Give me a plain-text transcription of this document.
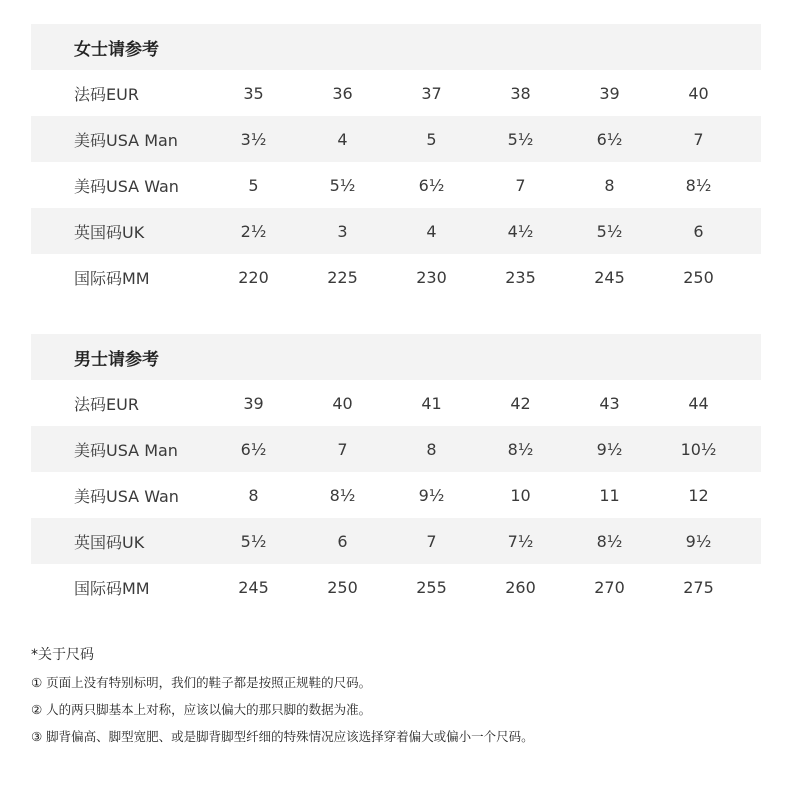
女士请参考
法码EUR	35	36	37	38	39	40
美码USA Man	3½	4	5	5½	6½	7
美码USA Wan	5	5½	6½	7	8	8½
英国码UK	2½	3	4	4½	5½	6
国际码MM	220	225	230	235	245	250
男士请参考
法码EUR	39	40	41	42	43	44
美码USA Man	6½	7	8	8½	9½	10½
美码USA Wan	8	8½	9½	10	11	12
英国码UK	5½	6	7	7½	8½	9½
国际码MM	245	250	255	260	270	275
*关于尺码
① 页面上没有特别标明，我们的鞋子都是按照正规鞋的尺码。
② 人的两只脚基本上对称，应该以偏大的那只脚的数据为准。
③ 脚背偏高、脚型宽肥、或是脚背脚型纤细的特殊情况应该选择穿着偏大或偏小一个尺码。
